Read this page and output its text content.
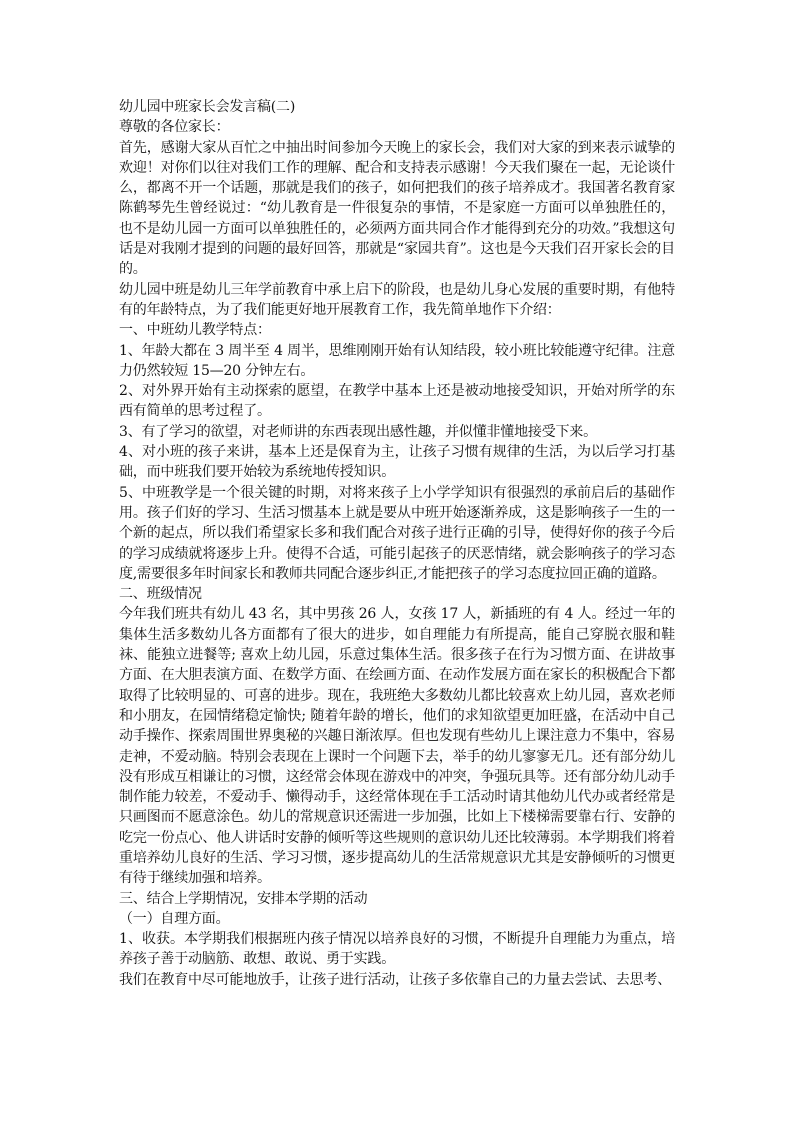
幼儿园中班家长会发言稿(二)

尊敬的各位家长：

首先，感谢大家从百忙之中抽出时间参加今天晚上的家长会，我们对大家的到来表示诚挚的欢迎！对你们以往对我们工作的理解、配合和支持表示感谢！今天我们聚在一起，无论谈什么，都离不开一个话题，那就是我们的孩子，如何把我们的孩子培养成才。我国著名教育家陈鹤琴先生曾经说过：“幼儿教育是一件很复杂的事情，不是家庭一方面可以单独胜任的，也不是幼儿园一方面可以单独胜任的，必须两方面共同合作才能得到充分的功效。”我想这句话是对我刚才提到的问题的最好回答，那就是“家园共育”。这也是今天我们召开家长会的目的。

幼儿园中班是幼儿三年学前教育中承上启下的阶段，也是幼儿身心发展的重要时期，有他特有的年龄特点，为了我们能更好地开展教育工作，我先简单地作下介绍：

一、中班幼儿教学特点：

1、年龄大都在 3 周半至 4 周半，思维刚刚开始有认知结段，较小班比较能遵守纪律。注意力仍然较短 15—20 分钟左右。

2、对外界开始有主动探索的愿望，在教学中基本上还是被动地接受知识，开始对所学的东西有简单的思考过程了。

3、有了学习的欲望，对老师讲的东西表现出感性趣，并似懂非懂地接受下来。

4、对小班的孩子来讲，基本上还是保育为主，让孩子习惯有规律的生活，为以后学习打基础，而中班我们要开始较为系统地传授知识。

5、中班教学是一个很关键的时期，对将来孩子上小学学知识有很强烈的承前启后的基础作用。孩子们好的学习、生活习惯基本上就是要从中班开始逐渐养成，这是影响孩子一生的一个新的起点，所以我们希望家长多和我们配合对孩子进行正确的引导，使得好你的孩子今后的学习成绩就将逐步上升。使得不合适，可能引起孩子的厌恶情绪，就会影响孩子的学习态度,需要很多年时间家长和教师共同配合逐步纠正,才能把孩子的学习态度拉回正确的道路。

二、班级情况

今年我们班共有幼儿 43 名，其中男孩 26 人，女孩 17 人，新插班的有 4 人。经过一年的集体生活多数幼儿各方面都有了很大的进步，如自理能力有所提高，能自己穿脱衣服和鞋袜、能独立进餐等; 喜欢上幼儿园，乐意过集体生活。很多孩子在行为习惯方面、在讲故事方面、在大胆表演方面、在数学方面、在绘画方面、在动作发展方面在家长的积极配合下都取得了比较明显的、可喜的进步。现在，我班绝大多数幼儿都比较喜欢上幼儿园，喜欢老师和小朋友，在园情绪稳定愉快; 随着年龄的增长，他们的求知欲望更加旺盛，在活动中自己动手操作、探索周围世界奥秘的兴趣日渐浓厚。但也发现有些幼儿上课注意力不集中，容易走神，不爱动脑。特别会表现在上课时一个问题下去，举手的幼儿寥寥无几。还有部分幼儿没有形成互相谦让的习惯，这经常会体现在游戏中的冲突，争强玩具等。还有部分幼儿动手制作能力较差，不爱动手、懒得动手，这经常体现在手工活动时请其他幼儿代办或者经常是只画图而不愿意涂色。幼儿的常规意识还需进一步加强，比如上下楼梯需要靠右行、安静的吃完一份点心、他人讲话时安静的倾听等这些规则的意识幼儿还比较薄弱。本学期我们将着重培养幼儿良好的生活、学习习惯，逐步提高幼儿的生活常规意识尤其是安静倾听的习惯更有待于继续加强和培养。

三、结合上学期情况，安排本学期的活动

（一）自理方面。

1、收获。本学期我们根据班内孩子情况以培养良好的习惯，不断提升自理能力为重点，培养孩子善于动脑筋、敢想、敢说、勇于实践。

我们在教育中尽可能地放手，让孩子进行活动，让孩子多依靠自己的力量去尝试、去思考、
